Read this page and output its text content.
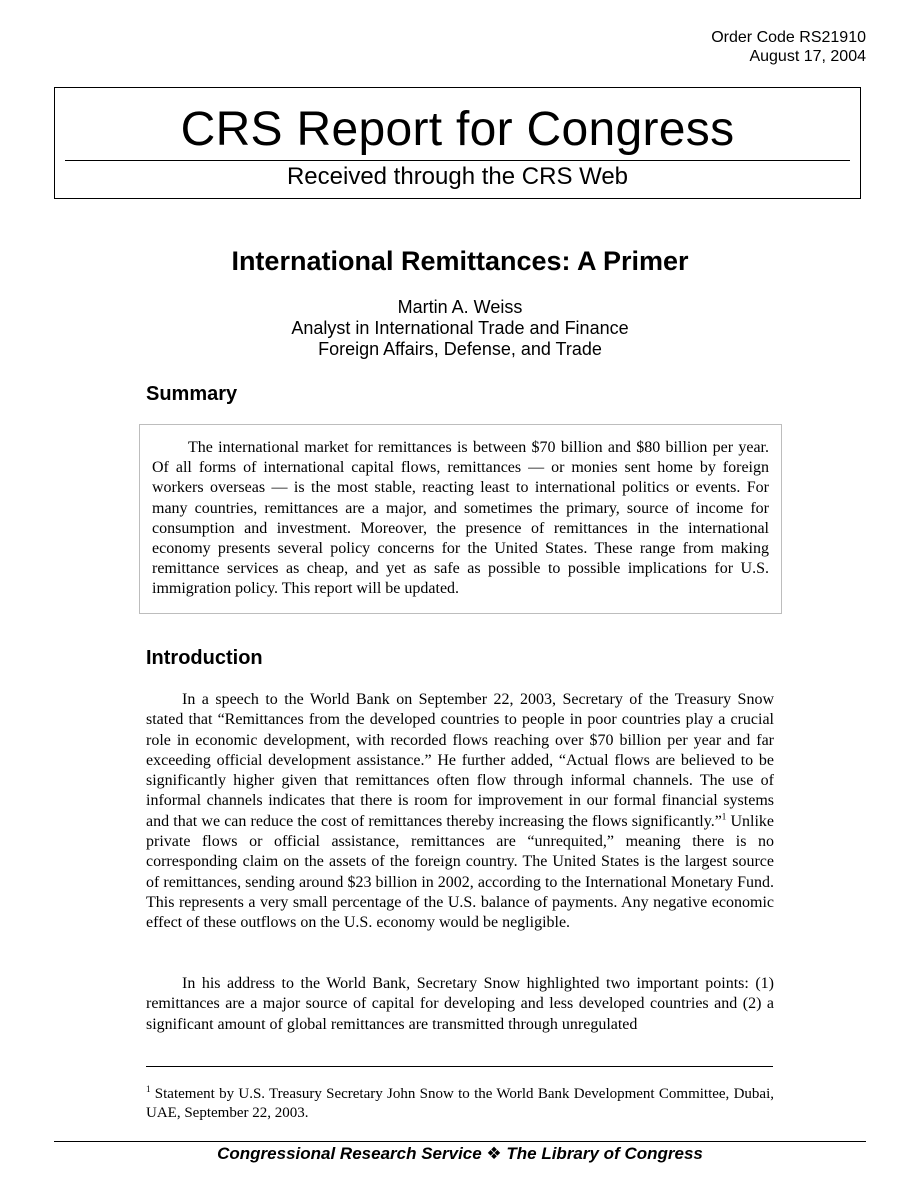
Order Code RS21910
August 17, 2004
CRS Report for Congress
Received through the CRS Web
International Remittances: A Primer
Martin A. Weiss
Analyst in International Trade and Finance
Foreign Affairs, Defense, and Trade
Summary

The international market for remittances is between $70 billion and $80 billion per year. Of all forms of international capital flows, remittances — or monies sent home by foreign workers overseas — is the most stable, reacting least to international politics or events. For many countries, remittances are a major, and sometimes the primary, source of income for consumption and investment. Moreover, the presence of remittances in the international economy presents several policy concerns for the United States. These range from making remittance services as cheap, and yet as safe as possible to possible implications for U.S. immigration policy. This report will be updated.

Introduction

In a speech to the World Bank on September 22, 2003, Secretary of the Treasury Snow stated that “Remittances from the developed countries to people in poor countries play a crucial role in economic development, with recorded flows reaching over $70 billion per year and far exceeding official development assistance.” He further added, “Actual flows are believed to be significantly higher given that remittances often flow through informal channels. The use of informal channels indicates that there is room for improvement in our formal financial systems and that we can reduce the cost of remittances thereby increasing the flows significantly.”$^1$ Unlike private flows or official assistance, remittances are “unrequited,” meaning there is no corresponding claim on the assets of the foreign country. The United States is the largest source of remittances, sending around $23 billion in 2002, according to the International Monetary Fund. This represents a very small percentage of the U.S. balance of payments. Any negative economic effect of these outflows on the U.S. economy would be negligible.

In his address to the World Bank, Secretary Snow highlighted two important points: (1) remittances are a major source of capital for developing and less developed countries and (2) a significant amount of global remittances are transmitted through unregulated

$^1$ Statement by U.S. Treasury Secretary John Snow to the World Bank Development Committee, Dubai, UAE, September 22, 2003.

Congressional Research Service ❖ The Library of Congress
